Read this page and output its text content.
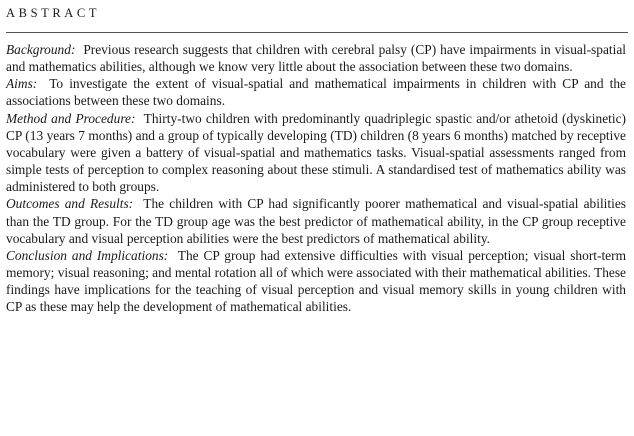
ABSTRACT

Background: Previous research suggests that children with cerebral palsy (CP) have impairments in visual-spatial and mathematics abilities, although we know very little about the association between these two domains.

Aims: To investigate the extent of visual-spatial and mathematical impairments in children with CP and the associations between these two domains.

Method and Procedure: Thirty-two children with predominantly quadriplegic spastic and/or athetoid (dyskinetic) CP (13 years 7 months) and a group of typically developing (TD) children (8 years 6 months) matched by receptive vocabulary were given a battery of visual-spatial and mathematics tasks. Visual-spatial assessments ranged from simple tests of perception to complex reasoning about these stimuli. A standardised test of mathematics ability was administered to both groups.

Outcomes and Results: The children with CP had significantly poorer mathematical and visual-spatial abilities than the TD group. For the TD group age was the best predictor of mathematical ability, in the CP group receptive vocabulary and visual perception abilities were the best predictors of mathematical ability.

Conclusion and Implications: The CP group had extensive difficulties with visual perception; visual short-term memory; visual reasoning; and mental rotation all of which were associated with their mathematical abilities. These findings have implications for the teaching of visual perception and visual memory skills in young children with CP as these may help the development of mathematical abilities.
